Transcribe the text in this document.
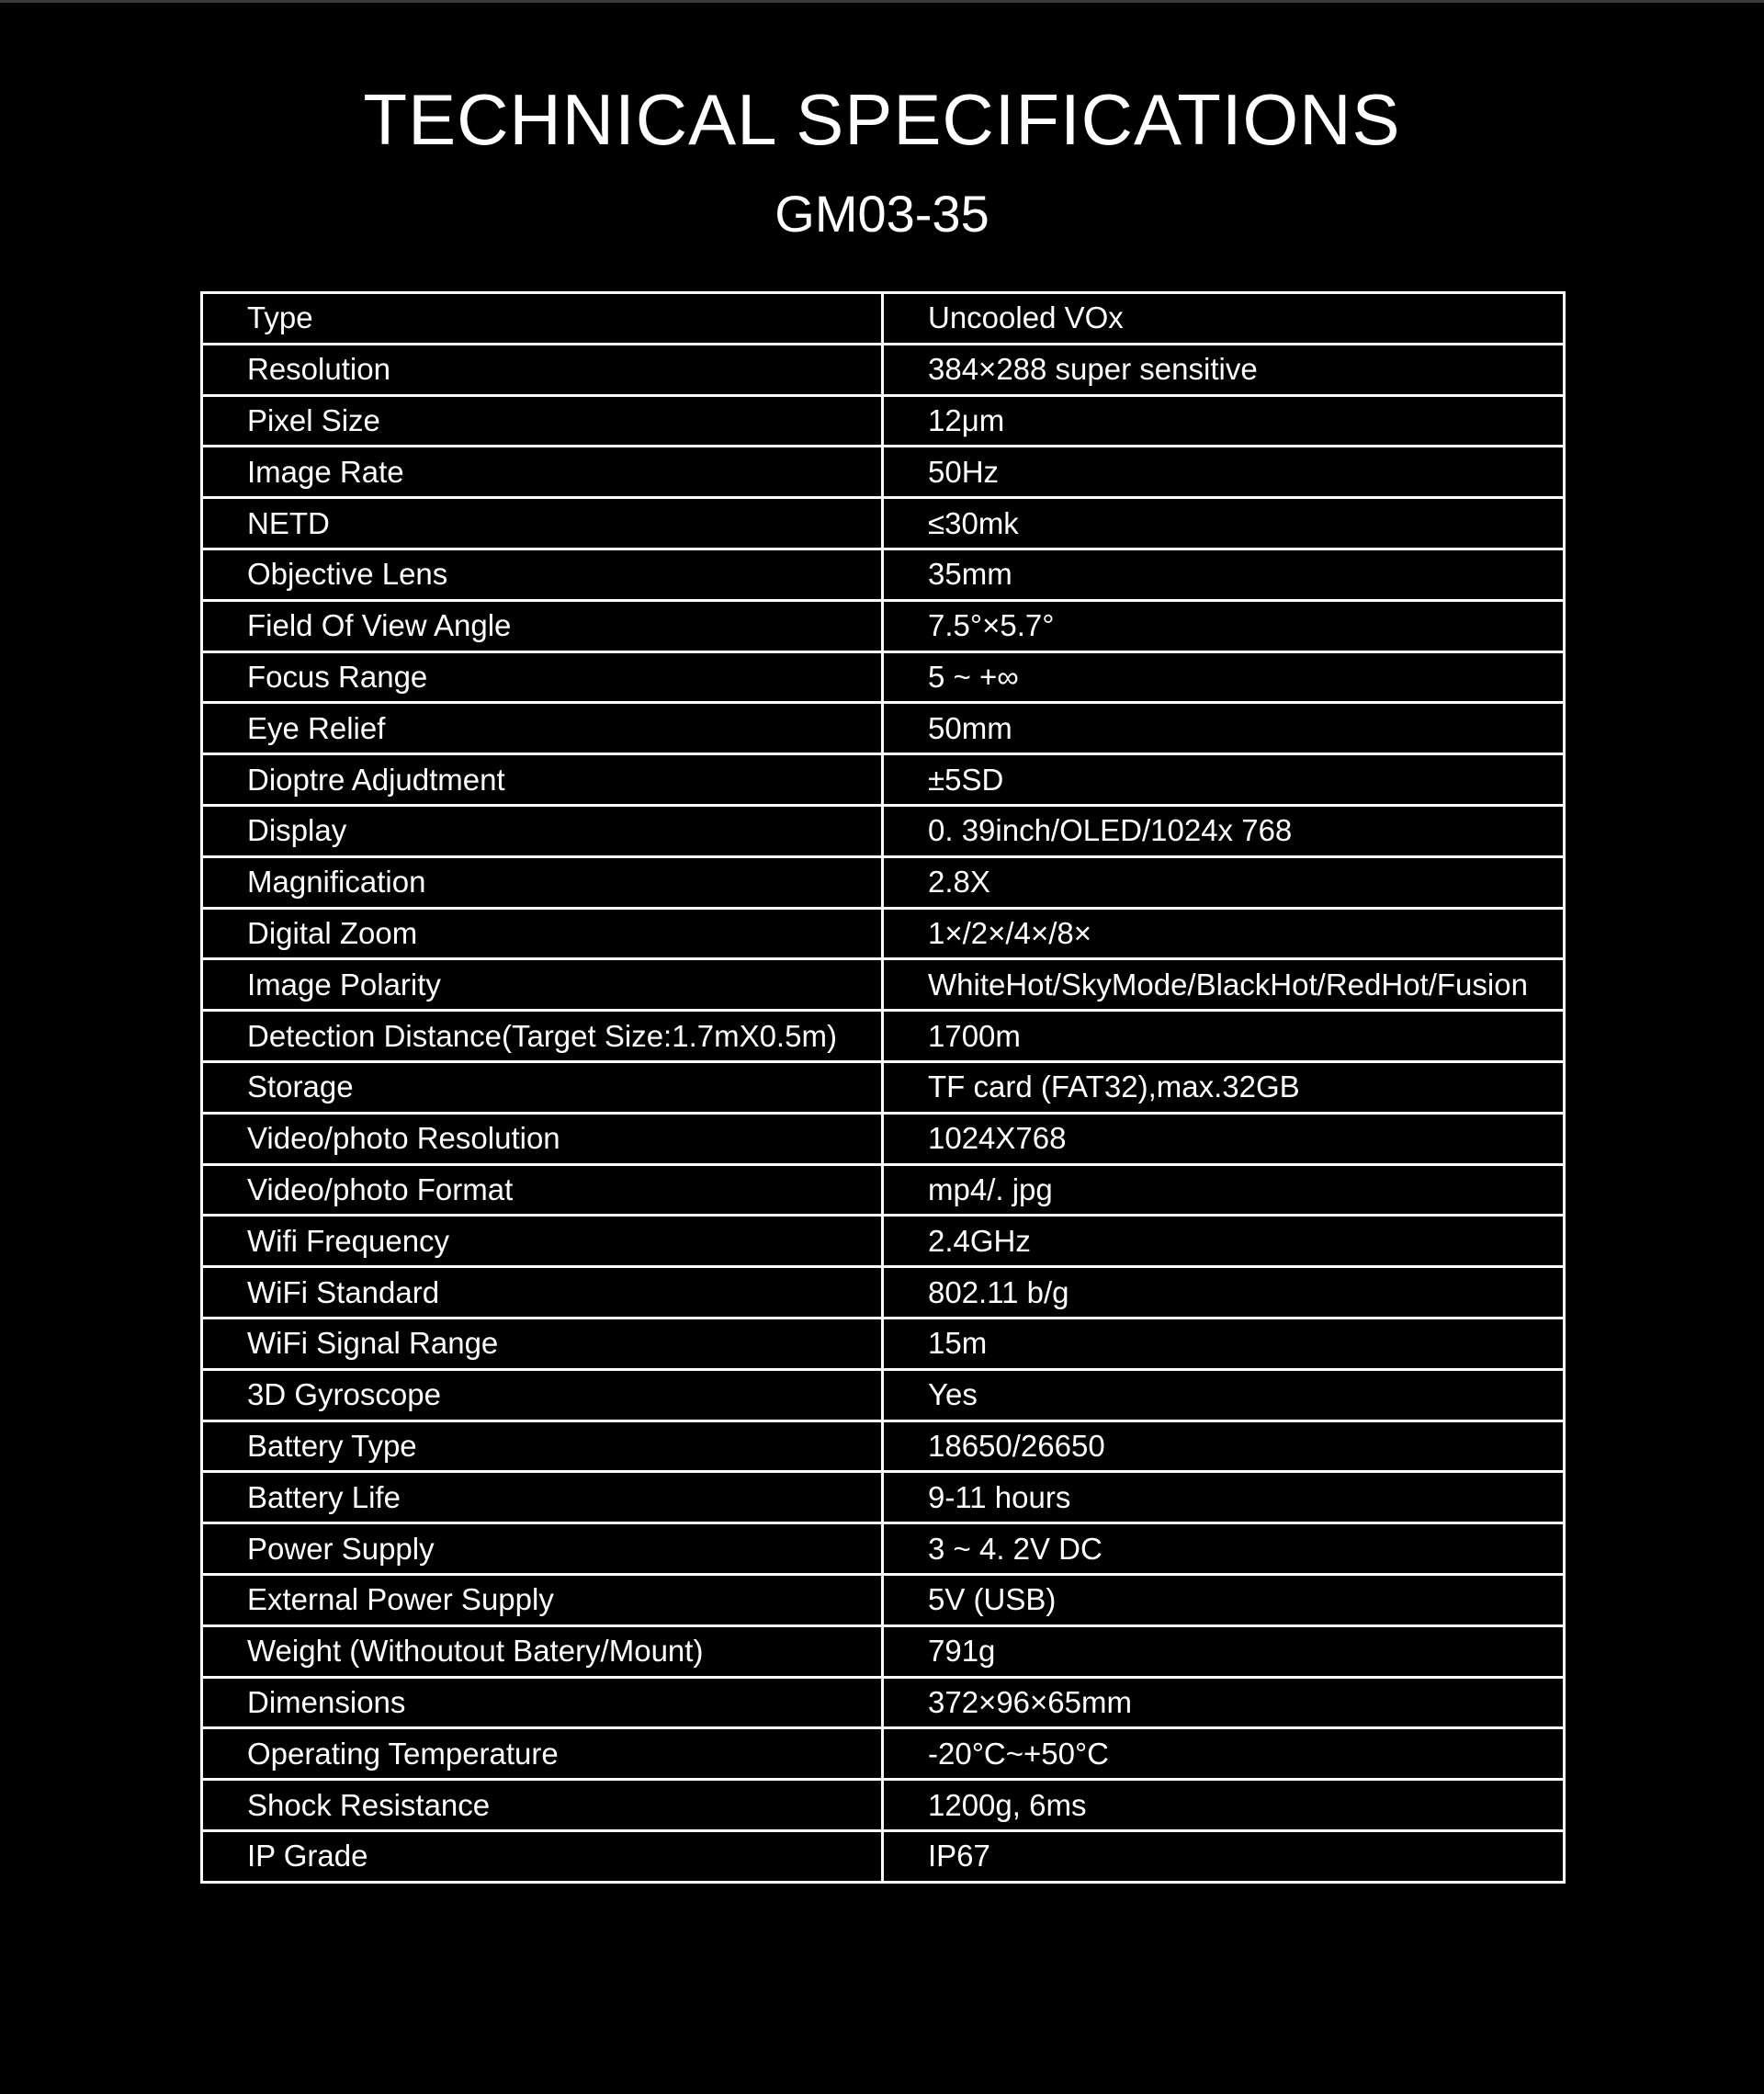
TECHNICAL SPECIFICATIONS
GM03-35
Type	Uncooled VOx
Resolution	384×288 super sensitive
Pixel Size	12μm
Image Rate	50Hz
NETD	≤30mk
Objective Lens	35mm
Field Of View Angle	7.5°×5.7°
Focus Range	5 ~ +∞
Eye Relief	50mm
Dioptre Adjudtment	±5SD
Display	0. 39inch/OLED/1024x 768
Magnification	2.8X
Digital Zoom	1×/2×/4×/8×
Image Polarity	WhiteHot/SkyMode/BlackHot/RedHot/Fusion
Detection Distance(Target Size:1.7mX0.5m)	1700m
Storage	TF card (FAT32),max.32GB
Video/photo Resolution	1024X768
Video/photo Format	mp4/. jpg
Wifi Frequency	2.4GHz
WiFi Standard	802.11 b/g
WiFi Signal Range	15m
3D Gyroscope	Yes
Battery Type	18650/26650
Battery Life	9-11 hours
Power Supply	3 ~ 4. 2V DC
External Power Supply	5V (USB)
Weight (Withoutout Batery/Mount)	791g
Dimensions	372×96×65mm
Operating Temperature	-20°C~+50°C
Shock Resistance	1200g, 6ms
IP Grade	IP67
